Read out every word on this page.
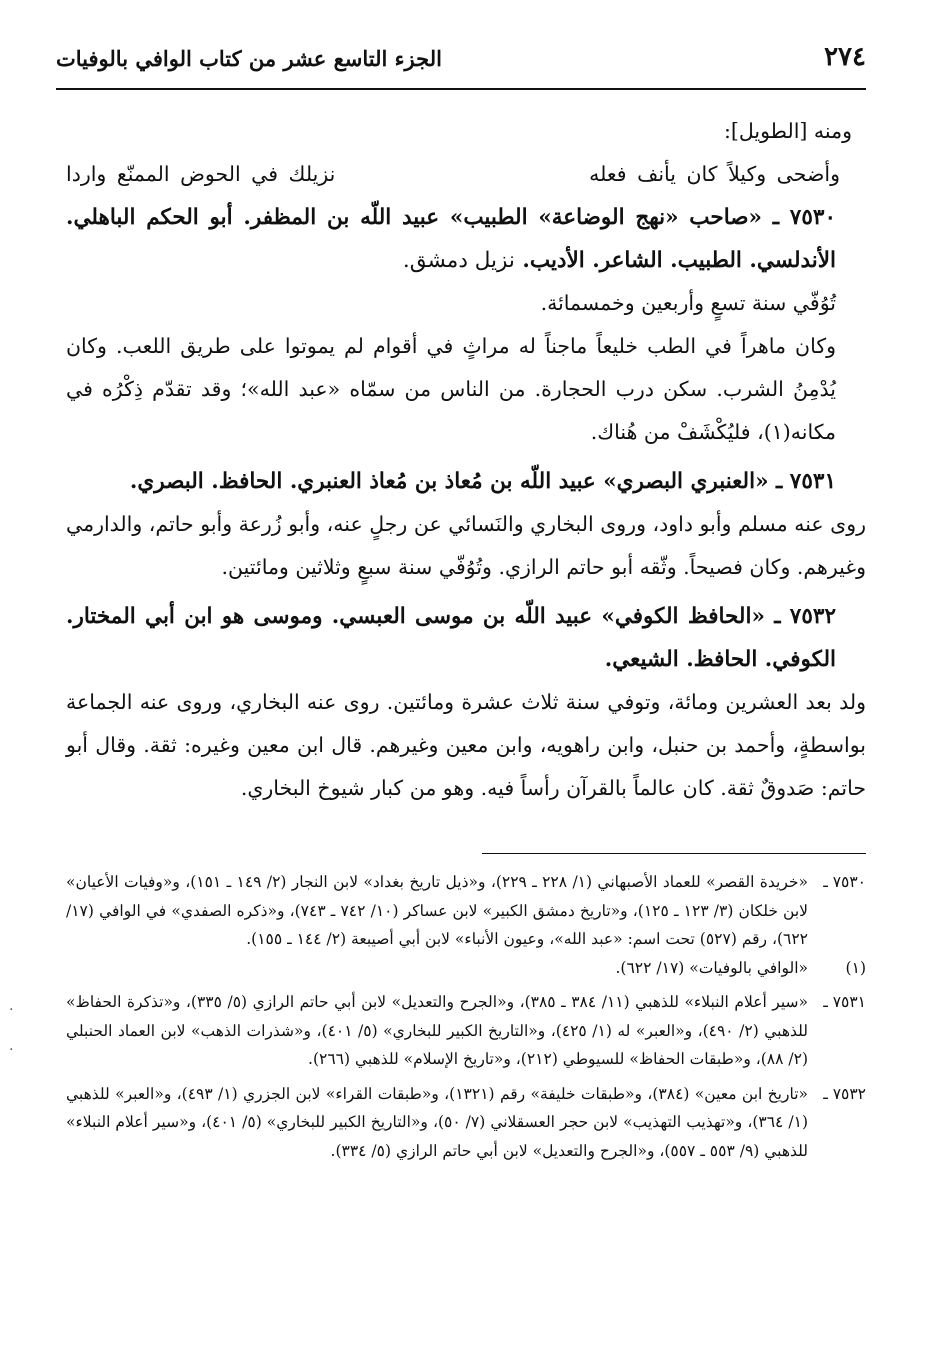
٢٧٤
الجزء التاسع عشر من كتاب الوافي بالوفيات

ومنه [الطويل]:

وأضحى وكيلاً كان يأنف فعله
نزيلك في الحوض الممنّع واردا

٧٥٣٠ ـ «صاحب «نهج الوضاعة» الطبيب» عبيد اللّه بن المظفر. أبو الحكم الباهلي. الأندلسي. الطبيب. الشاعر. الأديب. نزيل دمشق.

تُوُفّي سنة تسعٍ وأربعين وخمسمائة.

وكان ماهراً في الطب خليعاً ماجناً له مراثٍ في أقوام لم يموتوا على طريق اللعب. وكان يُدْمِنُ الشرب. سكن درب الحجارة. من الناس من سمّاه «عبد الله»؛ وقد تقدّم ذِكْرُه في مكانه(١)، فليُكْشَفْ من هُناك.

٧٥٣١ ـ «العنبري البصري» عبيد اللّه بن مُعاذ بن مُعاذ العنبري. الحافظ. البصري.

روى عنه مسلم وأبو داود، وروى البخاري والنَسائي عن رجلٍ عنه، وأبو زُرعة وأبو حاتم، والدارمي وغيرهم. وكان فصيحاً. وثّقه أبو حاتم الرازي. وتُوُفّي سنة سبعٍ وثلاثين ومائتين.

٧٥٣٢ ـ «الحافظ الكوفي» عبيد اللّه بن موسى العبسي. وموسى هو ابن أبي المختار. الكوفي. الحافظ. الشيعي.

ولد بعد العشرين ومائة، وتوفي سنة ثلاث عشرة ومائتين. روى عنه البخاري، وروى عنه الجماعة بواسطةٍ، وأحمد بن حنبل، وابن راهويه، وابن معين وغيرهم. قال ابن معين وغيره: ثقة. وقال أبو حاتم: صَدوقٌ ثقة. كان عالماً بالقرآن رأساً فيه. وهو من كبار شيوخ البخاري.

٧٥٣٠ ـ
«خريدة القصر» للعماد الأصبهاني (١/ ٢٢٨ ـ ٢٢٩)، و«ذيل تاريخ بغداد» لابن النجار (٢/ ١٤٩ ـ ١٥١)، و«وفيات الأعيان» لابن خلكان (٣/ ١٢٣ ـ ١٢٥)، و«تاريخ دمشق الكبير» لابن عساكر (١٠/ ٧٤٢ ـ ٧٤٣)، و«ذكره الصفدي» في الوافي (١٧/ ٦٢٢)، رقم (٥٢٧) تحت اسم: «عبد الله»، وعيون الأنباء» لابن أبي أصيبعة (٢/ ١٤٤ ـ ١٥٥).
(١)
«الوافي بالوفيات» (١٧/ ٦٢٢).
٧٥٣١ ـ
«سير أعلام النبلاء» للذهبي (١١/ ٣٨٤ ـ ٣٨٥)، و«الجرح والتعديل» لابن أبي حاتم الرازي (٥/ ٣٣٥)، و«تذكرة الحفاظ» للذهبي (٢/ ٤٩٠)، و«العبر» له (١/ ٤٢٥)، و«التاريخ الكبير للبخاري» (٥/ ٤٠١)، و«شذرات الذهب» لابن العماد الحنبلي (٢/ ٨٨)، و«طبقات الحفاظ» للسيوطي (٢١٢)، و«تاريخ الإسلام» للذهبي (٢٦٦).
٧٥٣٢ ـ
«تاريخ ابن معين» (٣٨٤)، و«طبقات خليفة» رقم (١٣٢١)، و«طبقات القراء» لابن الجزري (١/ ٤٩٣)، و«العبر» للذهبي (١/ ٣٦٤)، و«تهذيب التهذيب» لابن حجر العسقلاني (٧/ ٥٠)، و«التاريخ الكبير للبخاري» (٥/ ٤٠١)، و«سير أعلام النبلاء» للذهبي (٩/ ٥٥٣ ـ ٥٥٧)، و«الجرح والتعديل» لابن أبي حاتم الرازي (٥/ ٣٣٤).
·
·
